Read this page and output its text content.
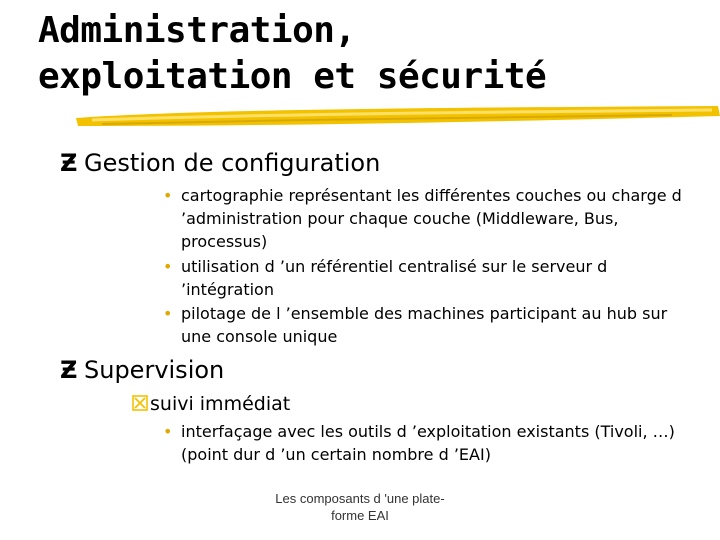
Administration,
exploitation et sécurité
Ƶ Gestion de configuration
• cartographie représentant les différentes couches ou charge d ’administration pour chaque couche (Middleware, Bus, processus)
• utilisation d ’un référentiel centralisé sur le serveur d ’intégration
• pilotage de l ’ensemble des machines participant au hub sur une console unique
Ƶ Supervision
suivi immédiat
• interfaçage avec les outils d ’exploitation existants (Tivoli, …) (point dur d ’un certain nombre d ’EAI)
Les composants d 'une plate-
forme EAI
